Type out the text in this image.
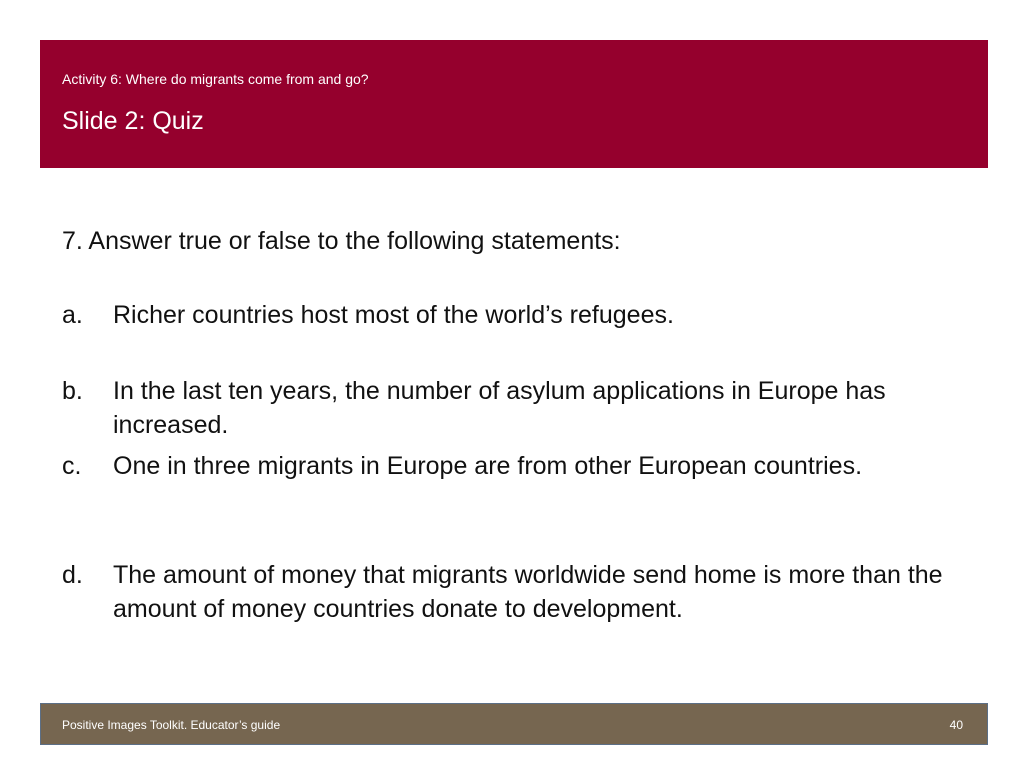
Activity 6: Where do migrants come from and go?
Slide 2: Quiz
7. Answer true or false to the following statements:
a. Richer countries host most of the world’s refugees.
b. In the last ten years, the number of asylum applications in Europe has increased.
c. One in three migrants in Europe are from other European countries.
d. The amount of money that migrants worldwide send home is more than the amount of money countries donate to development.
Positive Images Toolkit. Educator’s guide	40
